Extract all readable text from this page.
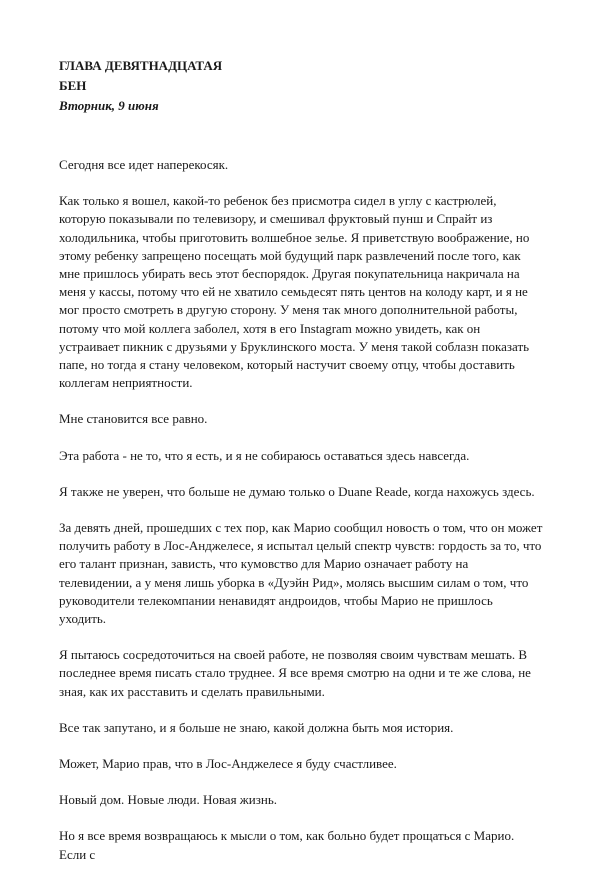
ГЛАВА ДЕВЯТНАДЦАТАЯ

БЕН

Вторник, 9 июня

Сегодня все идет наперекосяк.

Как только я вошел, какой-то ребенок без присмотра сидел в углу с кастрюлей, которую показывали по телевизору, и смешивал фруктовый пунш и Спрайт из холодильника, чтобы приготовить волшебное зелье. Я приветствую воображение, но этому ребенку запрещено посещать мой будущий парк развлечений после того, как мне пришлось убирать весь этот беспорядок. Другая покупательница накричала на меня у кассы, потому что ей не хватило семьдесят пять центов на колоду карт, и я не мог просто смотреть в другую сторону. У меня так много дополнительной работы, потому что мой коллега заболел, хотя в его Instagram можно увидеть, как он устраивает пикник с друзьями у Бруклинского моста. У меня такой соблазн показать папе, но тогда я стану человеком, который настучит своему отцу, чтобы доставить коллегам неприятности.

Мне становится все равно.

Эта работа - не то, что я есть, и я не собираюсь оставаться здесь навсегда.

Я также не уверен, что больше не думаю только о Duane Reade, когда нахожусь здесь.

За девять дней, прошедших с тех пор, как Марио сообщил новость о том, что он может получить работу в Лос-Анджелесе, я испытал целый спектр чувств: гордость за то, что его талант признан, зависть, что кумовство для Марио означает работу на телевидении, а у меня лишь уборка в «Дуэйн Рид», молясь высшим силам о том, что руководители телекомпании ненавидят андроидов, чтобы Марио не пришлось уходить.

Я пытаюсь сосредоточиться на своей работе, не позволяя своим чувствам мешать. В последнее время писать стало труднее. Я все время смотрю на одни и те же слова, не зная, как их расставить и сделать правильными.

Все так запутано, и я больше не знаю, какой должна быть моя история.

Может, Марио прав, что в Лос-Анджелесе я буду счастливее.

Новый дом. Новые люди. Новая жизнь.

Но я все время возвращаюсь к мысли о том, как больно будет прощаться с Марио. Если с
